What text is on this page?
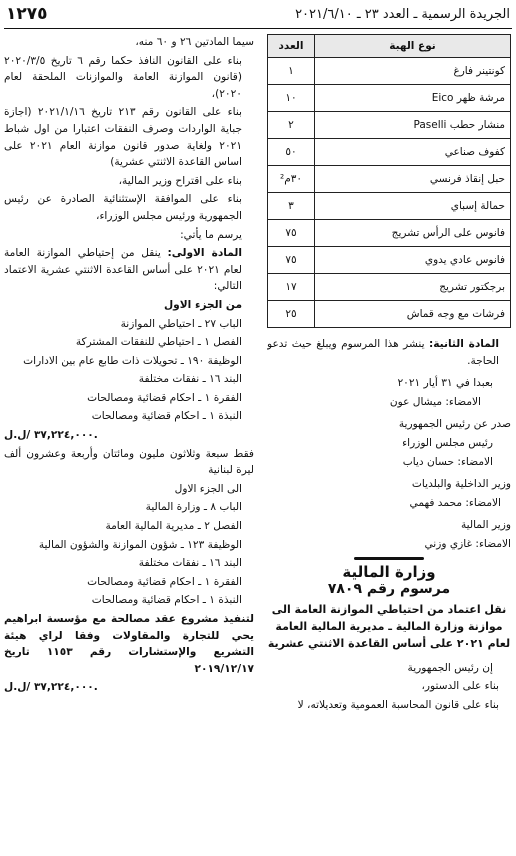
الجريدة الرسمية ـ العدد ٢٣ ـ ٢٠٢١/٦/١٠
١٢٧٥
نوع الهبة	العدد
كونتينر فارغ	١
مرشة ظهر Eico	١٠
منشار حطب Paselli	٢
كفوف صناعي	٥٠
حبل إنقاذ فرنسي	٣٠م²
حمالة إسباي	٣
فانوس على الرأس تشريج	٧٥
فانوس عادي يدوي	٧٥
برجكتور تشريج	١٧
فرشات مع وجه قماش	٢٥

المادة الثانية: ينشر هذا المرسوم ويبلغ حيث تدعو الحاجة.

بعبدا في ٣١ أيار ٢٠٢١

الامضاء: ميشال عون

صدر عن رئيس الجمهورية

رئيس مجلس الوزراء

الامضاء: حسان دياب

وزير الداخلية والبلديات

الامضاء: محمد فهمي

وزير المالية

الامضاء: غازي وزني

وزارة المالية
مرسوم رقم ٧٨٠٩
نقل اعتماد من احتياطي الموازنة العامة الى موازنة وزارة المالية ـ مديرية المالية العامة لعام ٢٠٢١ على أساس القاعدة الاثنتي عشرية

إن رئيس الجمهورية

بناء على الدستور،

بناء على قانون المحاسبة العمومية وتعديلاته، لا

سيما المادتين ٢٦ و ٦٠ منه،

بناء على القانون النافذ حكما رقم ٦ تاريخ ٢٠٢٠/٣/٥ (قانون الموازنة العامة والموازنات الملحقة لعام ٢٠٢٠)،

بناء على القانون رقم ٢١٣ تاريخ ٢٠٢١/١/١٦ (اجازة جباية الواردات وصرف النفقات اعتبارا من اول شباط ٢٠٢١ ولغاية صدور قانون موازنة العام ٢٠٢١ على اساس القاعدة الاثنتي عشرية)

بناء على اقتراح وزير المالية،

بناء على الموافقة الإستثنائية الصادرة عن رئيس الجمهورية ورئيس مجلس الوزراء،

يرسم ما يأتي:

المادة الاولى: ينقل من إحتياطي الموازنة العامة لعام ٢٠٢١ على أساس القاعدة الاثنتي عشرية الاعتماد التالي:

من الجزء الاول

الباب ٢٧ ـ احتياطي الموازنة

الفصل ١ ـ احتياطي للنفقات المشتركة

الوظيفة ١٩٠ ـ تحويلات ذات طابع عام بين الادارات

البند ١٦ ـ نفقات مختلفة

الفقرة ١ ـ احكام قضائية ومصالحات

النبذة ١ ـ احكام قضائية ومصالحات

٣٧,٢٢٤,٠٠٠ /ل.ل.

فقط سبعة وثلاثون مليون ومائتان وأربعة وعشرون ألف ليرة لبنانية

الى الجزء الاول

الباب ٨ ـ وزارة المالية

الفصل ٢ ـ مديرية المالية العامة

الوظيفة ١٢٣ ـ شؤون الموازنة والشؤون المالية

البند ١٦ ـ نفقات مختلفة

الفقرة ١ ـ احكام قضائية ومصالحات

النبذة ١ ـ احكام قضائية ومصالحات

لتنفيذ مشروع عقد مصالحة مع مؤسسة ابراهيم يحي للتجارة والمقاولات وفقا لراي هيئة التشريع والإستشارات رقم ١١٥٣ تاريخ ٢٠١٩/١٢/١٧

٣٧,٢٢٤,٠٠٠ /ل.ل.
